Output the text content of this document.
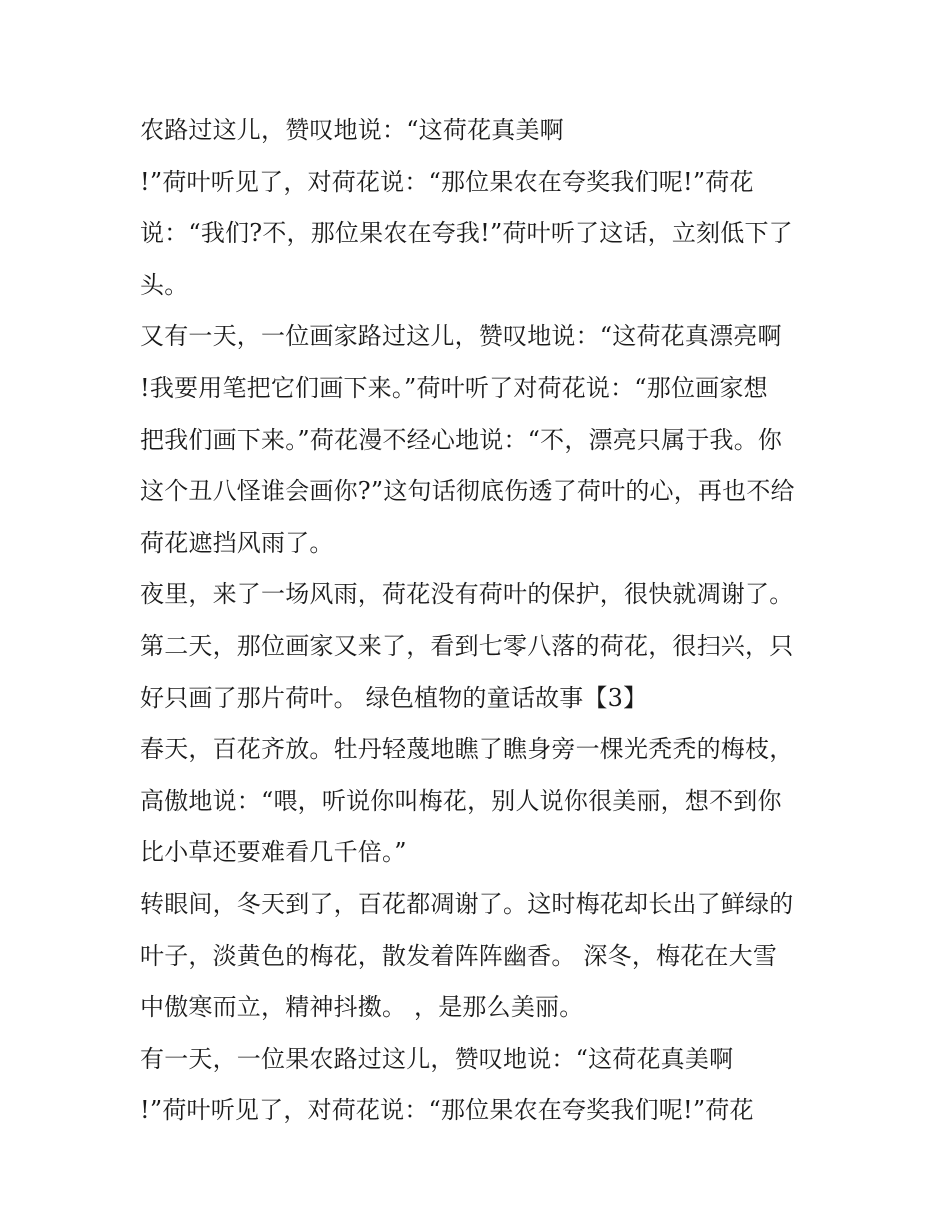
农路过这儿，赞叹地说：“这荷花真美啊
!”荷叶听见了，对荷花说：“那位果农在夸奖我们呢!”荷花
说：“我们?不，那位果农在夸我!”荷叶听了这话，立刻低下了
头。
又有一天，一位画家路过这儿，赞叹地说：“这荷花真漂亮啊
!我要用笔把它们画下来。”荷叶听了对荷花说：“那位画家想
把我们画下来。”荷花漫不经心地说：“不，漂亮只属于我。你
这个丑八怪谁会画你?”这句话彻底伤透了荷叶的心，再也不给
荷花遮挡风雨了。
夜里，来了一场风雨，荷花没有荷叶的保护，很快就凋谢了。
第二天，那位画家又来了，看到七零八落的荷花，很扫兴，只
好只画了那片荷叶。 绿色植物的童话故事【3】
春天，百花齐放。牡丹轻蔑地瞧了瞧身旁一棵光秃秃的梅枝，
高傲地说：“喂，听说你叫梅花，别人说你很美丽，想不到你
比小草还要难看几千倍。”
转眼间，冬天到了，百花都凋谢了。这时梅花却长出了鲜绿的
叶子，淡黄色的梅花，散发着阵阵幽香。 深冬，梅花在大雪
中傲寒而立，精神抖擞。 ，是那么美丽。
有一天，一位果农路过这儿，赞叹地说：“这荷花真美啊
!”荷叶听见了，对荷花说：“那位果农在夸奖我们呢!”荷花
